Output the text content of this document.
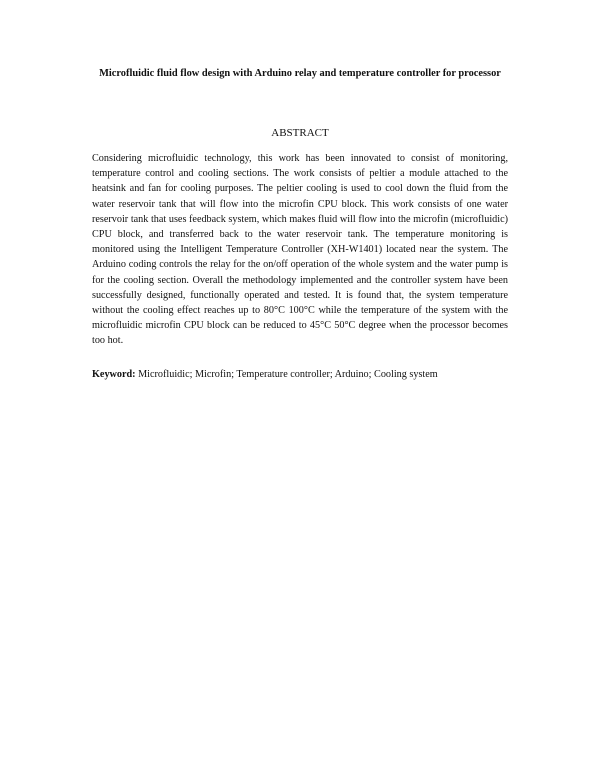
Microfluidic fluid flow design with Arduino relay and temperature controller for processor
ABSTRACT

Considering microfluidic technology, this work has been innovated to consist of monitoring, temperature control and cooling sections. The work consists of peltier a module attached to the heatsink and fan for cooling purposes. The peltier cooling is used to cool down the fluid from the water reservoir tank that will flow into the microfin CPU block. This work consists of one water reservoir tank that uses feedback system, which makes fluid will flow into the microfin (microfluidic) CPU block, and transferred back to the water reservoir tank. The temperature monitoring is monitored using the Intelligent Temperature Controller (XH-W1401) located near the system. The Arduino coding controls the relay for the on/off operation of the whole system and the water pump is for the cooling section. Overall the methodology implemented and the controller system have been successfully designed, functionally operated and tested. It is found that, the system temperature without the cooling effect reaches up to 80°C 100°C while the temperature of the system with the microfluidic microfin CPU block can be reduced to 45°C 50°C degree when the processor becomes too hot.

Keyword: Microfluidic; Microfin; Temperature controller; Arduino; Cooling system
